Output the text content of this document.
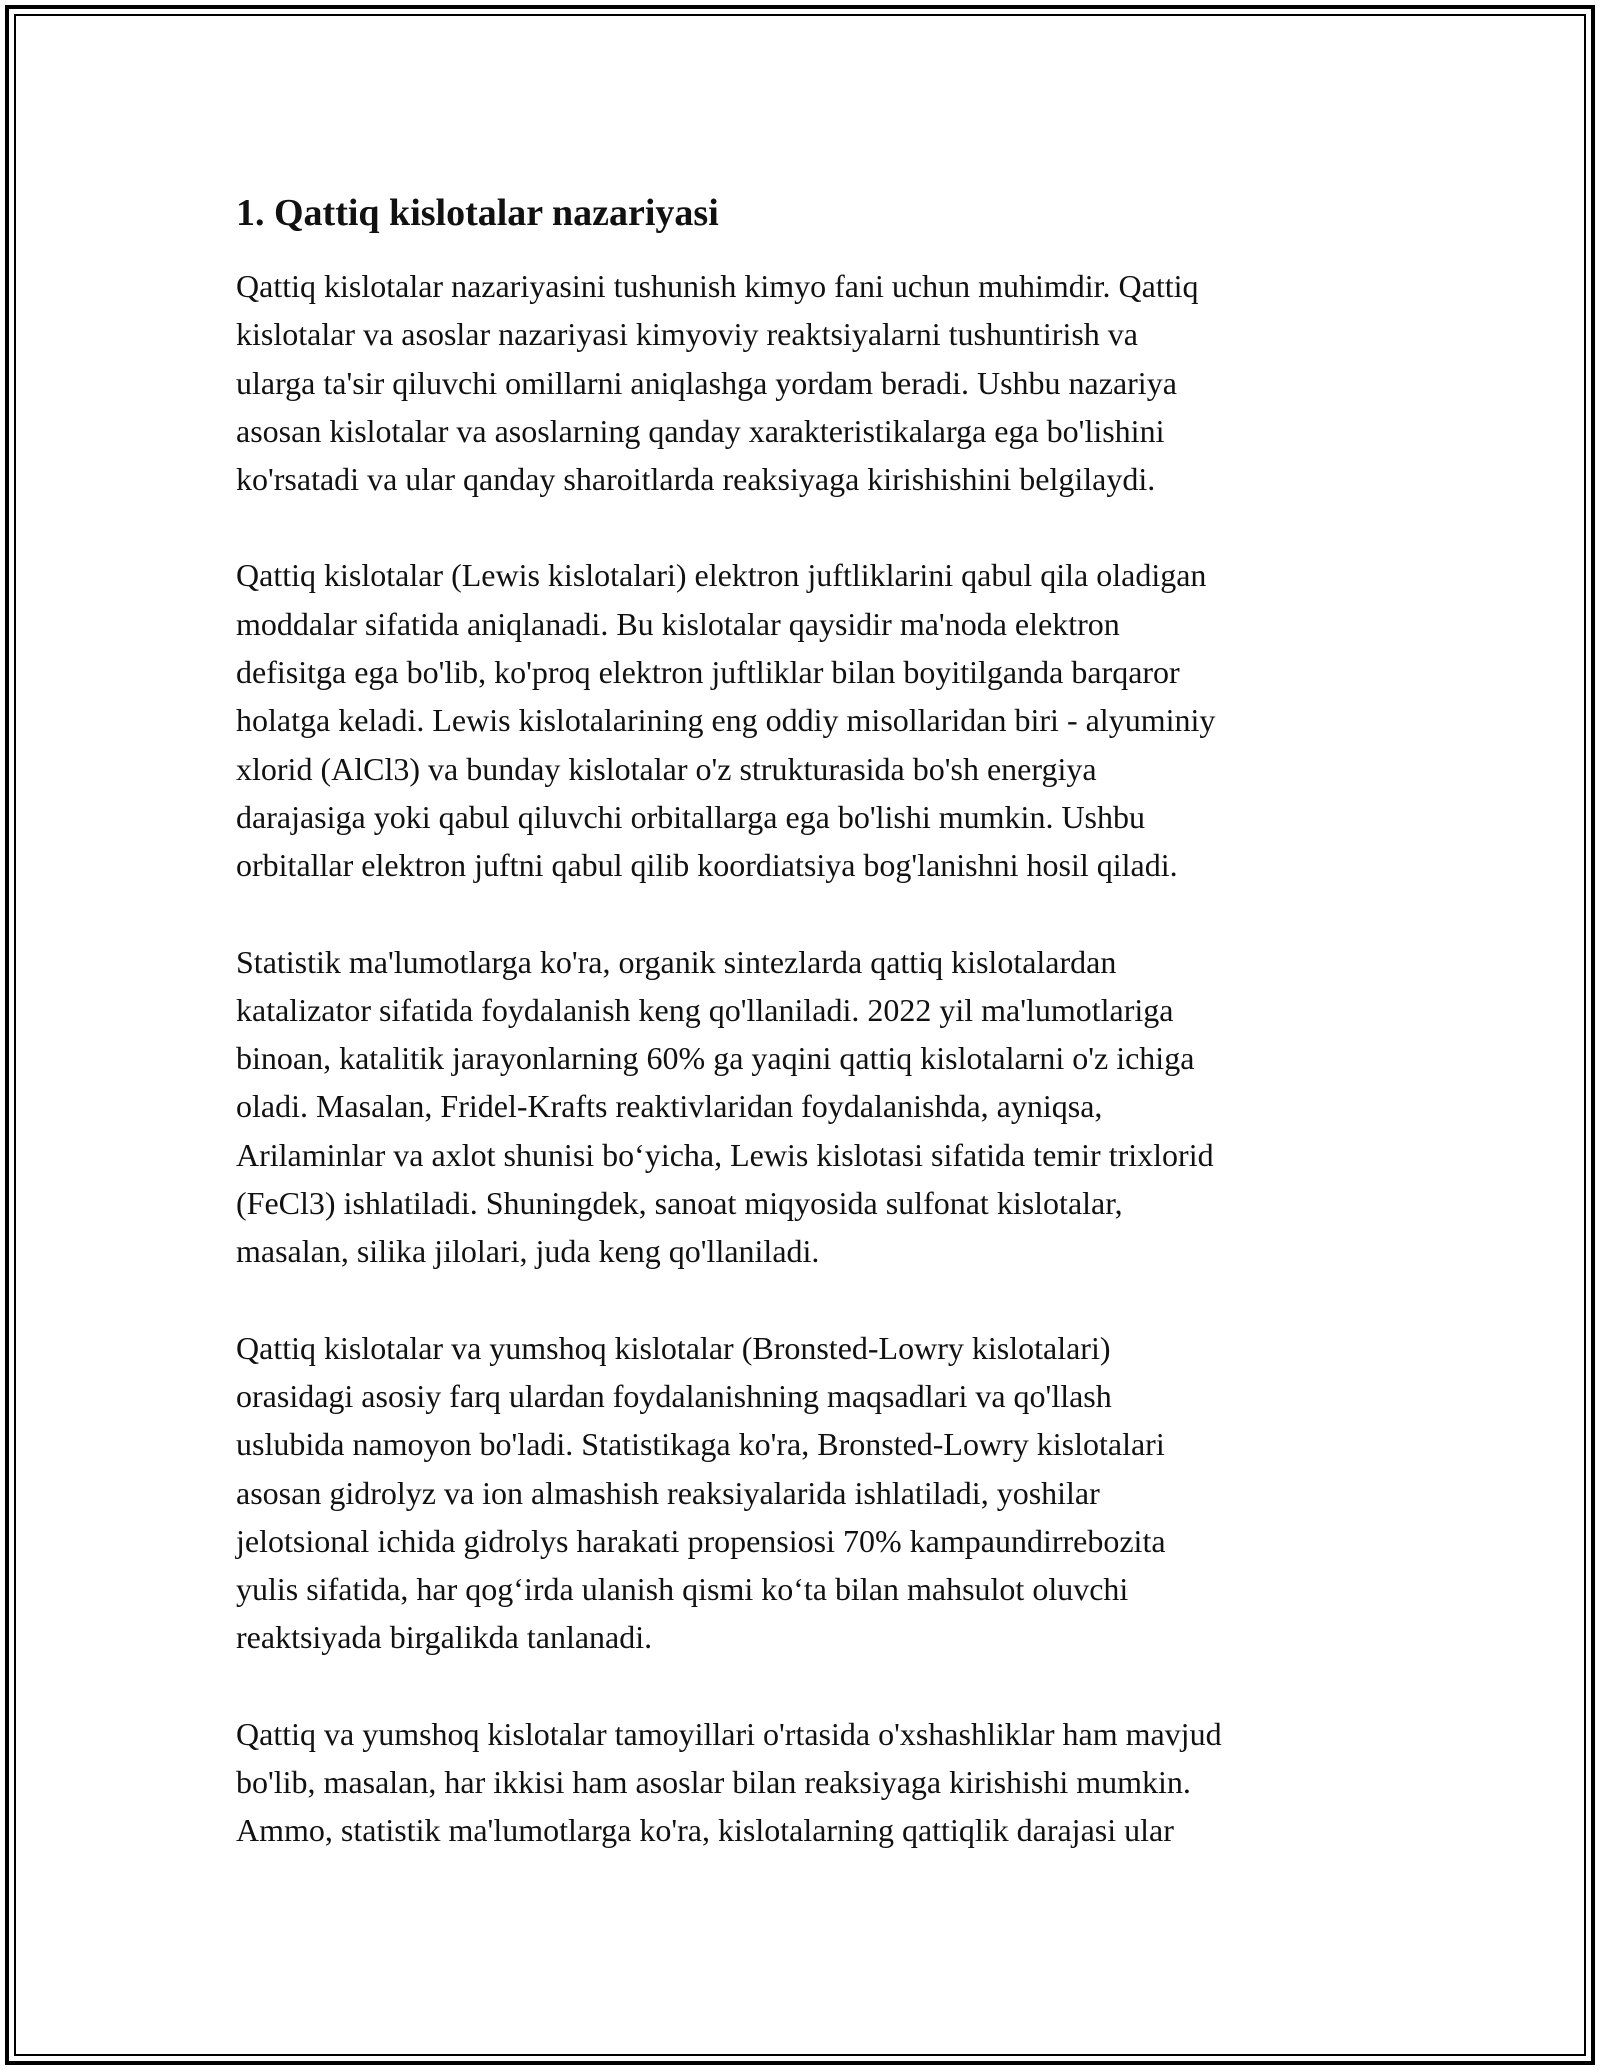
1. Qattiq kislotalar nazariyasi

Qattiq kislotalar nazariyasini tushunish kimyo fani uchun muhimdir. Qattiq
kislotalar va asoslar nazariyasi kimyoviy reaktsiyalarni tushuntirish va
ularga ta'sir qiluvchi omillarni aniqlashga yordam beradi. Ushbu nazariya
asosan kislotalar va asoslarning qanday xarakteristikalarga ega bo'lishini
ko'rsatadi va ular qanday sharoitlarda reaksiyaga kirishishini belgilaydi.

Qattiq kislotalar (Lewis kislotalari) elektron juftliklarini qabul qila oladigan
moddalar sifatida aniqlanadi. Bu kislotalar qaysidir ma'noda elektron
defisitga ega bo'lib, ko'proq elektron juftliklar bilan boyitilganda barqaror
holatga keladi. Lewis kislotalarining eng oddiy misollaridan biri - alyuminiy
xlorid (AlCl3) va bunday kislotalar o'z strukturasida bo'sh energiya
darajasiga yoki qabul qiluvchi orbitallarga ega bo'lishi mumkin. Ushbu
orbitallar elektron juftni qabul qilib koordiatsiya bog'lanishni hosil qiladi.

Statistik ma'lumotlarga ko'ra, organik sintezlarda qattiq kislotalardan
katalizator sifatida foydalanish keng qo'llaniladi. 2022 yil ma'lumotlariga
binoan, katalitik jarayonlarning 60% ga yaqini qattiq kislotalarni o'z ichiga
oladi. Masalan, Fridel-Krafts reaktivlaridan foydalanishda, ayniqsa,
Arilaminlar va axlot shunisi bo‘yicha, Lewis kislotasi sifatida temir trixlorid
(FeCl3) ishlatiladi. Shuningdek, sanoat miqyosida sulfonat kislotalar,
masalan, silika jilolari, juda keng qo'llaniladi.

Qattiq kislotalar va yumshoq kislotalar (Bronsted-Lowry kislotalari)
orasidagi asosiy farq ulardan foydalanishning maqsadlari va qo'llash
uslubida namoyon bo'ladi. Statistikaga ko'ra, Bronsted-Lowry kislotalari
asosan gidrolyz va ion almashish reaksiyalarida ishlatiladi, yoshilar
jelotsional ichida gidrolys harakati propensiosi 70% kampaundirrebozita
yulis sifatida, har qog‘irda ulanish qismi ko‘ta bilan mahsulot oluvchi
reaktsiyada birgalikda tanlanadi.

Qattiq va yumshoq kislotalar tamoyillari o'rtasida o'xshashliklar ham mavjud
bo'lib, masalan, har ikkisi ham asoslar bilan reaksiyaga kirishishi mumkin.
Ammo, statistik ma'lumotlarga ko'ra, kislotalarning qattiqlik darajasi ular
